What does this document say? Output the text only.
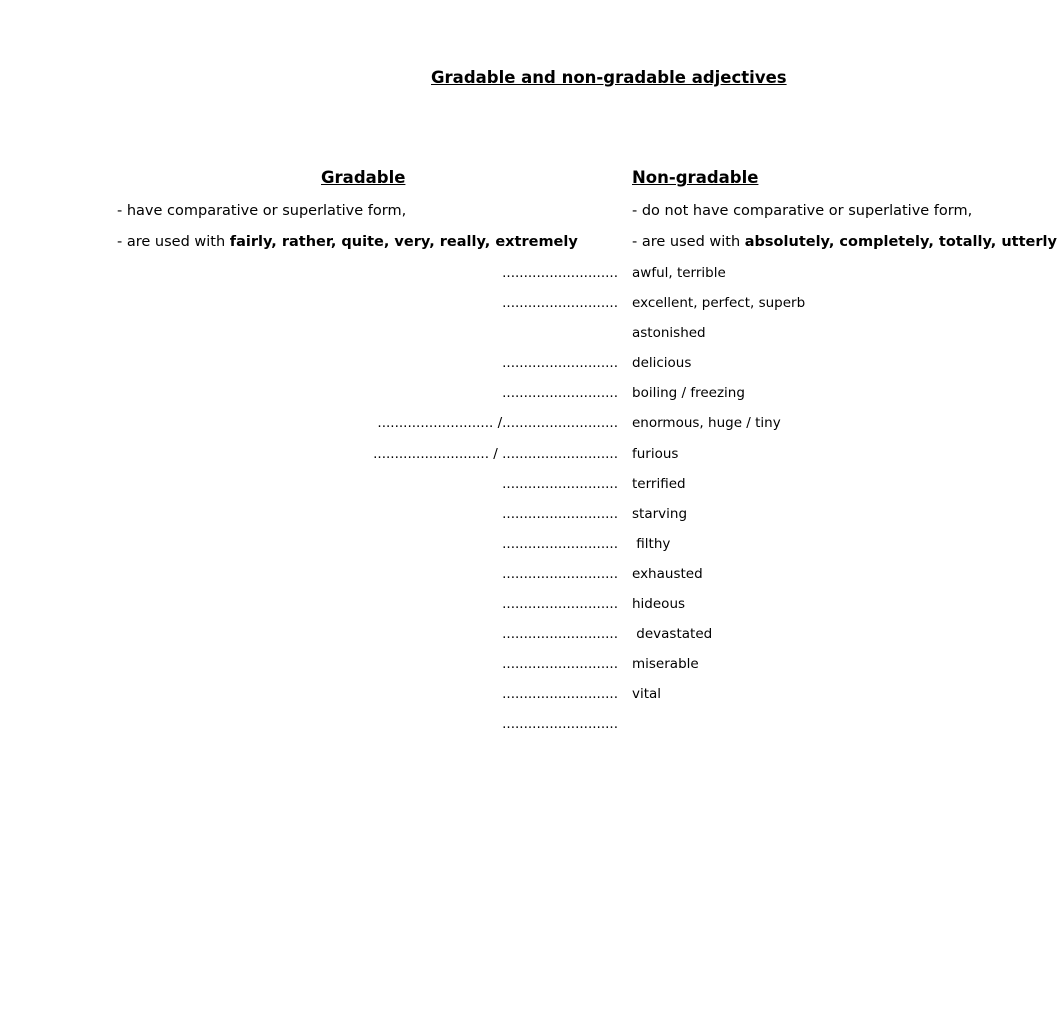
Gradable and non-gradable adjectives
Gradable	Non-gradable
- have comparative or superlative form,
- are used with fairly, rather, quite, very, really, extremely
- do not have comparative or superlative form,
- are used with absolutely, completely, totally, utterly
........................... awful, terrible
........................... excellent, perfect, superb
astonished
........................... delicious
........................... boiling / freezing
........................... /........................... enormous, huge / tiny
........................... / ........................... furious
........................... terrified
........................... starving
........................... filthy
........................... exhausted
........................... hideous
........................... devastated
........................... miserable
........................... vital
...........................
